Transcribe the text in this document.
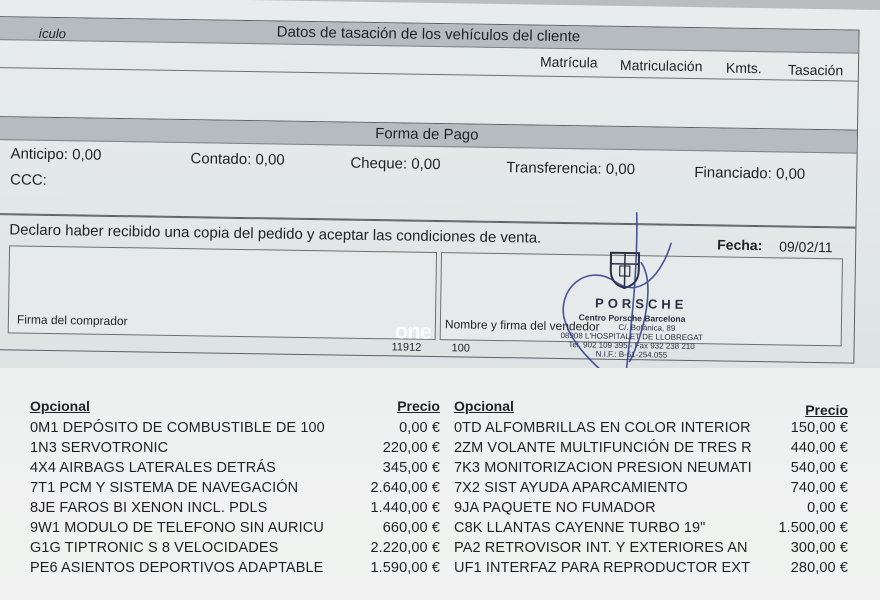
Datos de tasación de los vehículos del cliente
ículo
Matrícula Matriculación Kmts. Tasación
Forma de Pago
Anticipo: 0,00	Contado: 0,00	Cheque: 0,00	Transferencia: 0,00	Financiado: 0,00
CCC:
Declaro haber recibido una copia del pedido y aceptar las condiciones de venta.	Fecha: 09/02/11
Firma del comprador	Nombre y firma del vendedor
11912	100
PORSCHE
Centro Porsche Barcelona
C/. Botànica, 89
08908 L'HOSPITALET DE LLOBREGAT
Tel. 902 109 395 - Fax 932 238 210
N.I.F.: B-61-254.055
one
Opcional	Precio
0M1 DEPÓSITO DE COMBUSTIBLE DE 100	0,00 €
1N3 SERVOTRONIC	220,00 €
4X4 AIRBAGS LATERALES DETRÁS	345,00 €
7T1 PCM Y SISTEMA DE NAVEGACIÓN	2.640,00 €
8JE FAROS BI XENON INCL. PDLS	1.440,00 €
9W1 MODULO DE TELEFONO SIN AURICU	660,00 €
G1G TIPTRONIC S 8 VELOCIDADES	2.220,00 €
PE6 ASIENTOS DEPORTIVOS ADAPTABLE	1.590,00 €
Opcional	Precio
0TD ALFOMBRILLAS EN COLOR INTERIOR	150,00 €
2ZM VOLANTE MULTIFUNCIÓN DE TRES R	440,00 €
7K3 MONITORIZACION PRESION NEUMATI	540,00 €
7X2 SIST AYUDA APARCAMIENTO	740,00 €
9JA PAQUETE NO FUMADOR	0,00 €
C8K LLANTAS CAYENNE TURBO 19"	1.500,00 €
PA2 RETROVISOR INT. Y EXTERIORES AN	300,00 €
UF1 INTERFAZ PARA REPRODUCTOR EXT	280,00 €
